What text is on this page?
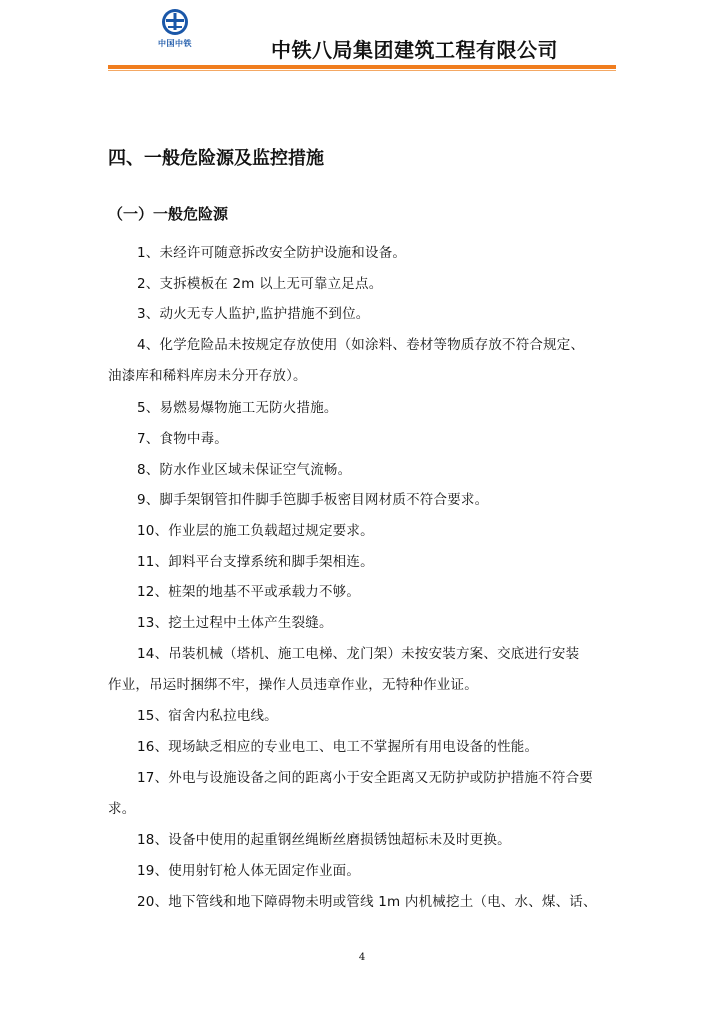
中国中铁	中铁八局集团建筑工程有限公司
四、一般危险源及监控措施
（一）一般危险源
1、未经许可随意拆改安全防护设施和设备。
2、支拆模板在 2m 以上无可靠立足点。
3、动火无专人监护,监护措施不到位。
4、化学危险品未按规定存放使用（如涂料、卷材等物质存放不符合规定、
油漆库和稀料库房未分开存放）。
5、易燃易爆物施工无防火措施。
7、食物中毒。
8、防水作业区域未保证空气流畅。
9、脚手架钢管扣件脚手笆脚手板密目网材质不符合要求。
10、作业层的施工负载超过规定要求。
11、卸料平台支撑系统和脚手架相连。
12、桩架的地基不平或承载力不够。
13、挖土过程中土体产生裂缝。
14、吊装机械（塔机、施工电梯、龙门架）未按安装方案、交底进行安装
作业，吊运时捆绑不牢，操作人员违章作业，无特种作业证。
15、宿舍内私拉电线。
16、现场缺乏相应的专业电工、电工不掌握所有用电设备的性能。
17、外电与设施设备之间的距离小于安全距离又无防护或防护措施不符合要
求。
18、设备中使用的起重钢丝绳断丝磨损锈蚀超标未及时更换。
19、使用射钉枪人体无固定作业面。
20、地下管线和地下障碍物未明或管线 1m 内机械挖土（电、水、煤、话、
4
